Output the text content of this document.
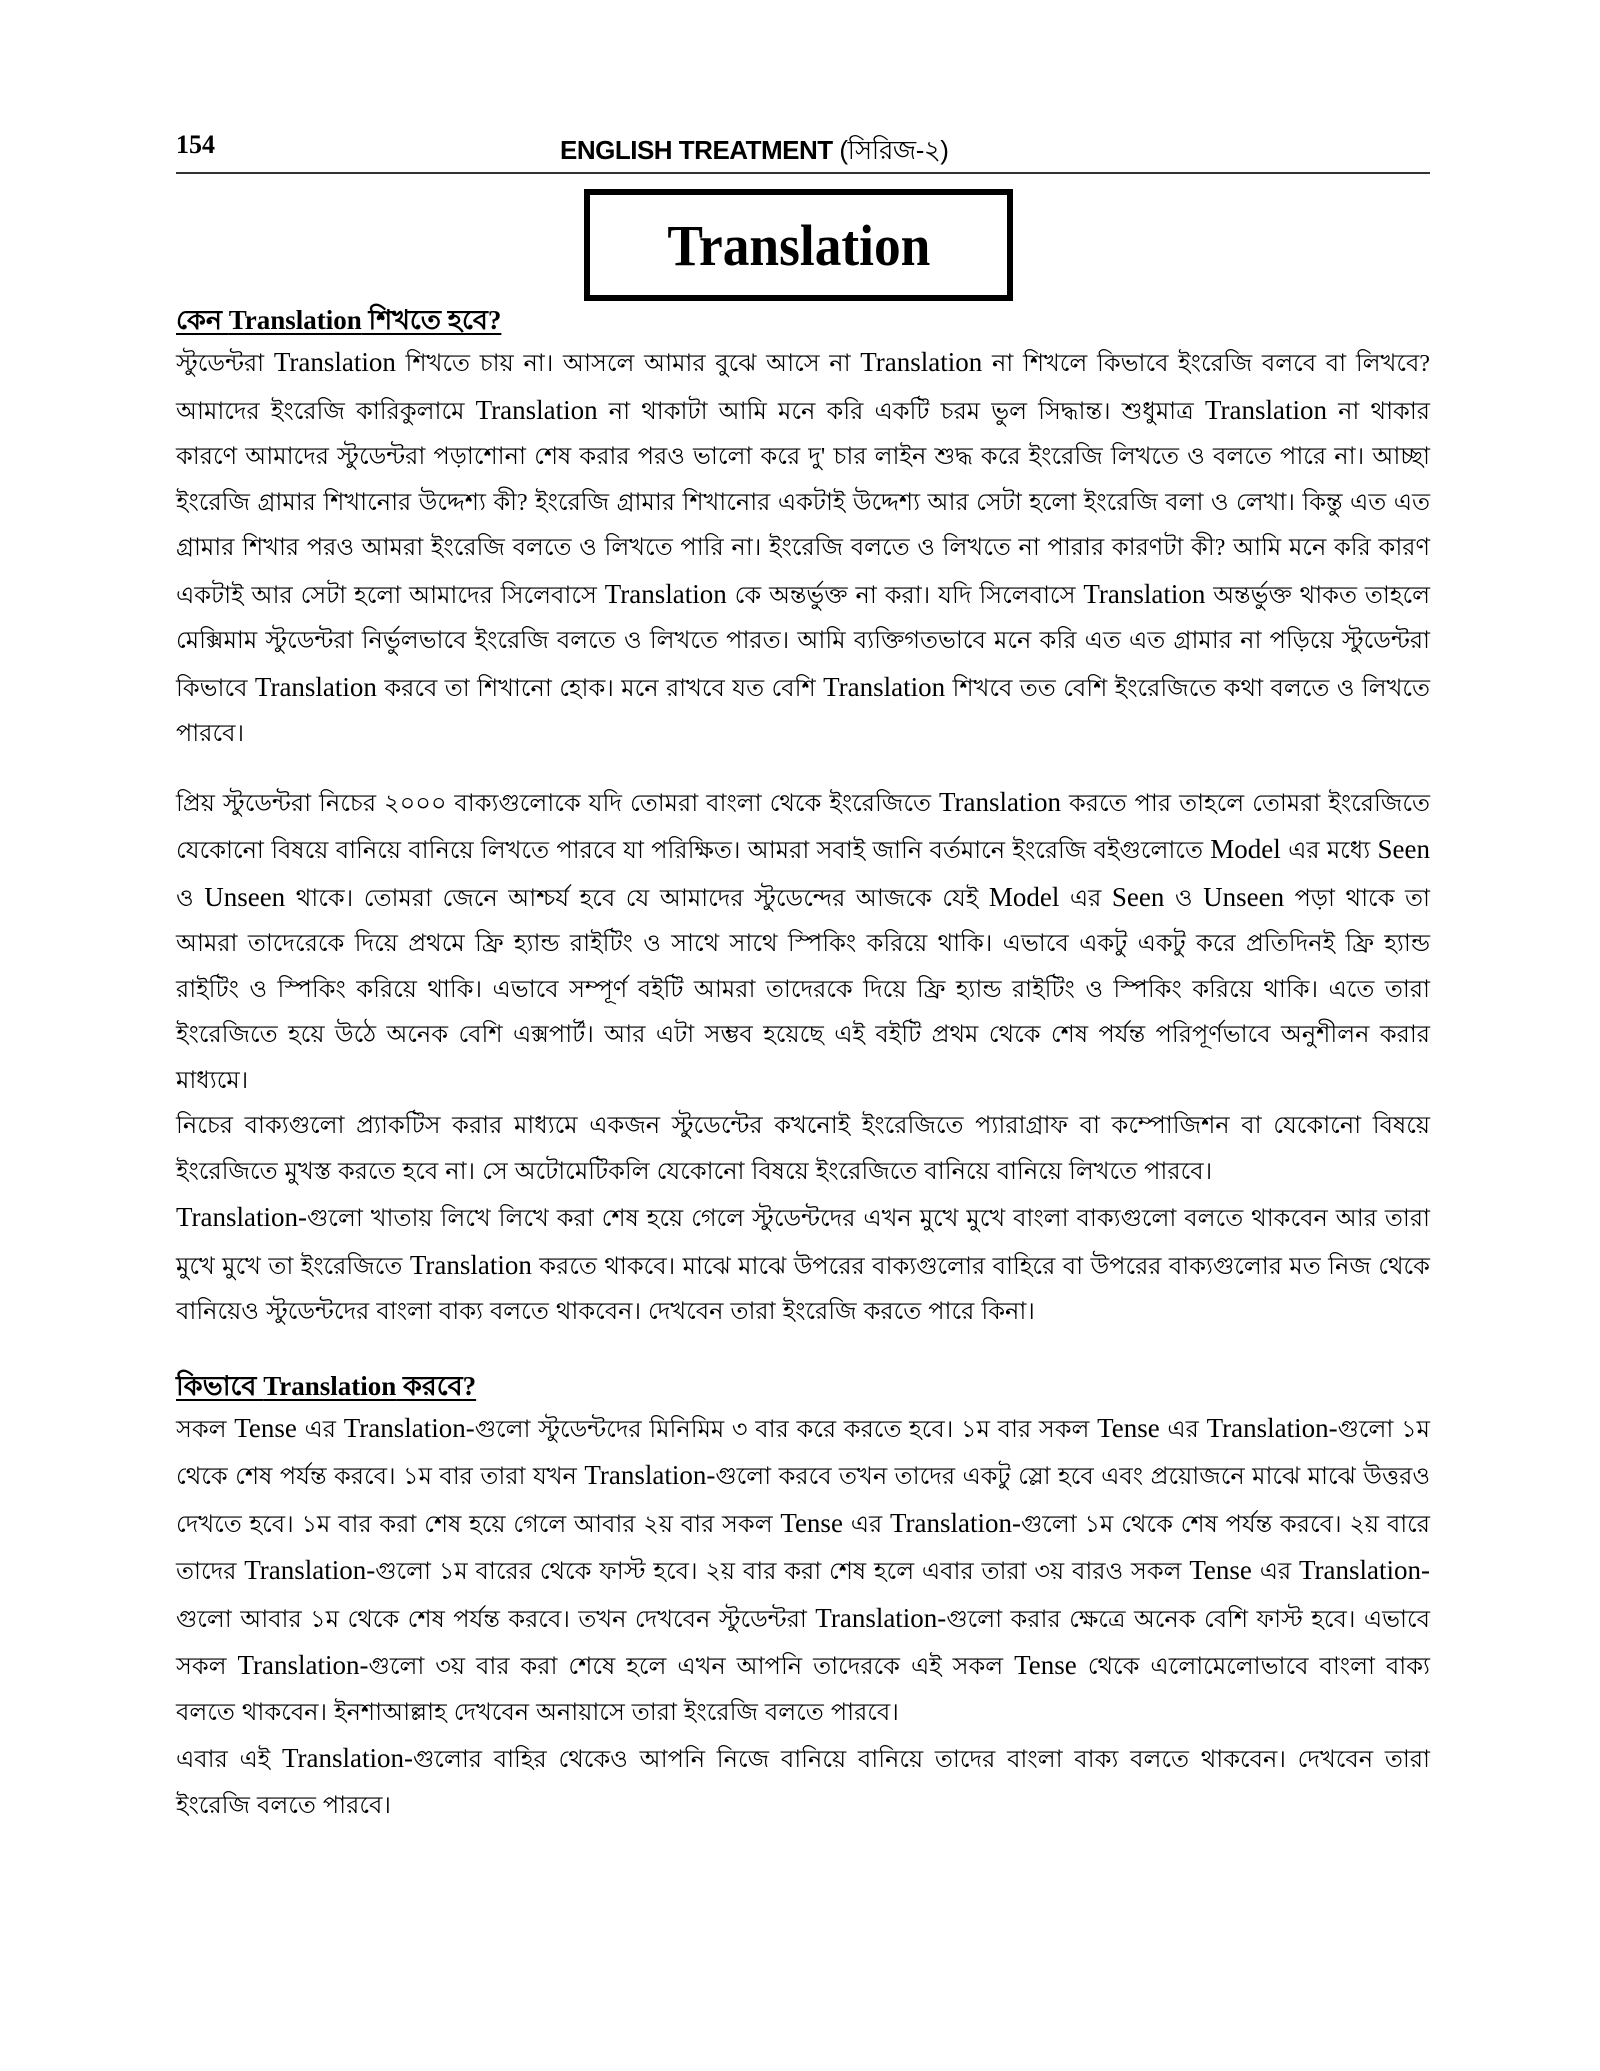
154	ENGLISH TREATMENT (সিরিজ-২)
Translation
কেন Translation শিখতে হবে?

স্টুডেন্টরা Translation শিখতে চায় না। আসলে আমার বুঝে আসে না Translation না শিখলে কিভাবে ইংরেজি বলবে বা লিখবে? আমাদের ইংরেজি কারিকুলামে Translation না থাকাটা আমি মনে করি একটি চরম ভুল সিদ্ধান্ত। শুধুমাত্র Translation না থাকার কারণে আমাদের স্টুডেন্টরা পড়াশোনা শেষ করার পরও ভালো করে দু' চার লাইন শুদ্ধ করে ইংরেজি লিখতে ও বলতে পারে না। আচ্ছা ইংরেজি গ্রামার শিখানোর উদ্দেশ্য কী? ইংরেজি গ্রামার শিখানোর একটাই উদ্দেশ্য আর সেটা হলো ইংরেজি বলা ও লেখা। কিন্তু এত এত গ্রামার শিখার পরও আমরা ইংরেজি বলতে ও লিখতে পারি না। ইংরেজি বলতে ও লিখতে না পারার কারণটা কী? আমি মনে করি কারণ একটাই আর সেটা হলো আমাদের সিলেবাসে Translation কে অন্তর্ভুক্ত না করা। যদি সিলেবাসে Translation অন্তর্ভুক্ত থাকত তাহলে মেক্সিমাম স্টুডেন্টরা নির্ভুলভাবে ইংরেজি বলতে ও লিখতে পারত। আমি ব্যক্তিগতভাবে মনে করি এত এত গ্রামার না পড়িয়ে স্টুডেন্টরা কিভাবে Translation করবে তা শিখানো হোক। মনে রাখবে যত বেশি Translation শিখবে তত বেশি ইংরেজিতে কথা বলতে ও লিখতে পারবে।

প্রিয় স্টুডেন্টরা নিচের ২০০০ বাক্যগুলোকে যদি তোমরা বাংলা থেকে ইংরেজিতে Translation করতে পার তাহলে তোমরা ইংরেজিতে যেকোনো বিষয়ে বানিয়ে বানিয়ে লিখতে পারবে যা পরিক্ষিত। আমরা সবাই জানি বর্তমানে ইংরেজি বইগুলোতে Model এর মধ্যে Seen ও Unseen থাকে। তোমরা জেনে আশ্চর্য হবে যে আমাদের স্টুডেন্দের আজকে যেই Model এর Seen ও Unseen পড়া থাকে তা আমরা তাদেরেকে দিয়ে প্রথমে ফ্রি হ্যান্ড রাইটিং ও সাথে সাথে স্পিকিং করিয়ে থাকি। এভাবে একটু একটু করে প্রতিদিনই ফ্রি হ্যান্ড রাইটিং ও স্পিকিং করিয়ে থাকি। এভাবে সম্পূর্ণ বইটি আমরা তাদেরকে দিয়ে ফ্রি হ্যান্ড রাইটিং ও স্পিকিং করিয়ে থাকি। এতে তারা ইংরেজিতে হয়ে উঠে অনেক বেশি এক্সপার্ট। আর এটা সম্ভব হয়েছে এই বইটি প্রথম থেকে শেষ পর্যন্ত পরিপূর্ণভাবে অনুশীলন করার মাধ্যমে।

নিচের বাক্যগুলো প্র্যাকটিস করার মাধ্যমে একজন স্টুডেন্টের কখনোই ইংরেজিতে প্যারাগ্রাফ বা কম্পোজিশন বা যেকোনো বিষয়ে ইংরেজিতে মুখস্ত করতে হবে না। সে অটোমেটিকলি যেকোনো বিষয়ে ইংরেজিতে বানিয়ে বানিয়ে লিখতে পারবে।

Translation-গুলো খাতায় লিখে লিখে করা শেষ হয়ে গেলে স্টুডেন্টদের এখন মুখে মুখে বাংলা বাক্যগুলো বলতে থাকবেন আর তারা মুখে মুখে তা ইংরেজিতে Translation করতে থাকবে। মাঝে মাঝে উপরের বাক্যগুলোর বাহিরে বা উপরের বাক্যগুলোর মত নিজ থেকে বানিয়েও স্টুডেন্টদের বাংলা বাক্য বলতে থাকবেন। দেখবেন তারা ইংরেজি করতে পারে কিনা।

কিভাবে Translation করবে?

সকল Tense এর Translation-গুলো স্টুডেন্টদের মিনিমিম ৩ বার করে করতে হবে। ১ম বার সকল Tense এর Translation-গুলো ১ম থেকে শেষ পর্যন্ত করবে। ১ম বার তারা যখন Translation-গুলো করবে তখন তাদের একটু স্লো হবে এবং প্রয়োজনে মাঝে মাঝে উত্তরও দেখতে হবে। ১ম বার করা শেষ হয়ে গেলে আবার ২য় বার সকল Tense এর Translation-গুলো ১ম থেকে শেষ পর্যন্ত করবে। ২য় বারে তাদের Translation-গুলো ১ম বারের থেকে ফাস্ট হবে। ২য় বার করা শেষ হলে এবার তারা ৩য় বারও সকল Tense এর Translation-গুলো আবার ১ম থেকে শেষ পর্যন্ত করবে। তখন দেখবেন স্টুডেন্টরা Translation-গুলো করার ক্ষেত্রে অনেক বেশি ফাস্ট হবে। এভাবে সকল Translation-গুলো ৩য় বার করা শেষে হলে এখন আপনি তাদেরকে এই সকল Tense থেকে এলোমেলোভাবে বাংলা বাক্য বলতে থাকবেন। ইনশাআল্লাহ দেখবেন অনায়াসে তারা ইংরেজি বলতে পারবে।

এবার এই Translation-গুলোর বাহির থেকেও আপনি নিজে বানিয়ে বানিয়ে তাদের বাংলা বাক্য বলতে থাকবেন। দেখবেন তারা ইংরেজি বলতে পারবে।
